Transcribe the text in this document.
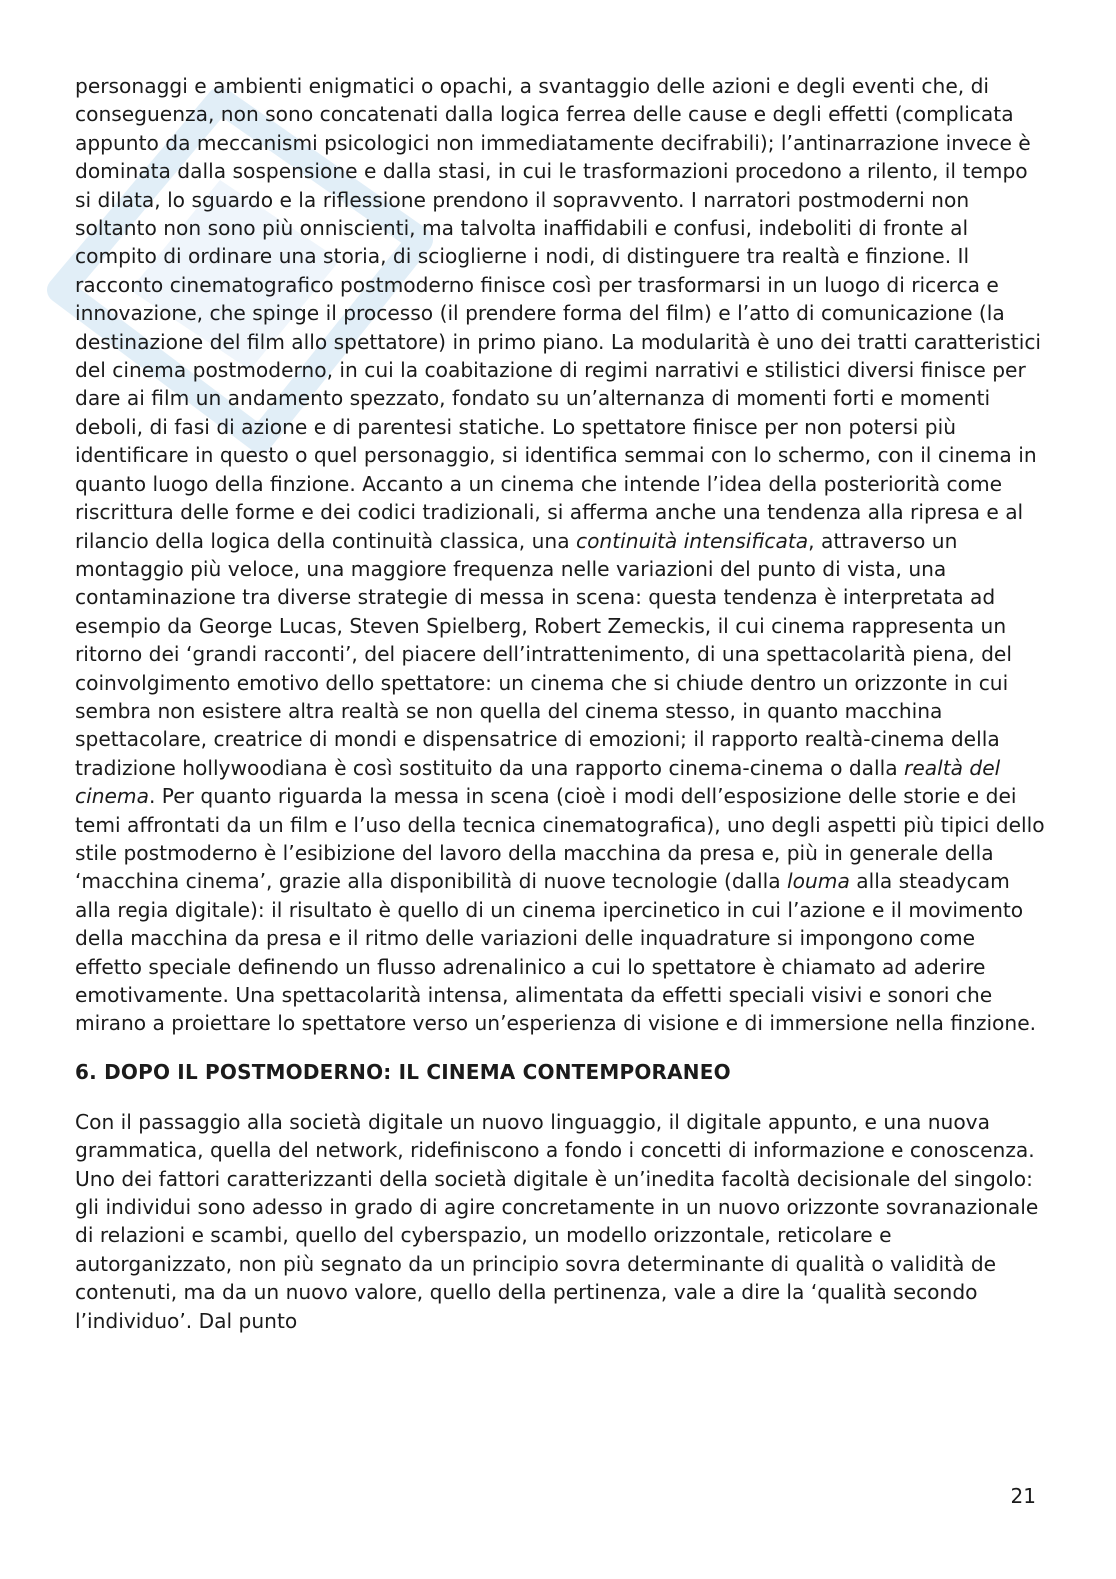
personaggi e ambienti enigmatici o opachi, a svantaggio delle azioni e degli eventi che, di conseguenza, non sono concatenati dalla logica ferrea delle cause e degli effetti (complicata appunto da meccanismi psicologici non immediatamente decifrabili); l’antinarrazione invece è dominata dalla sospensione e dalla stasi, in cui le trasformazioni procedono a rilento, il tempo si dilata, lo sguardo e la riflessione prendono il sopravvento. I narratori postmoderni non soltanto non sono più onniscienti, ma talvolta inaffidabili e confusi, indeboliti di fronte al compito di ordinare una storia, di scioglierne i nodi, di distinguere tra realtà e finzione. Il racconto cinematografico postmoderno finisce così per trasformarsi in un luogo di ricerca e innovazione, che spinge il processo (il prendere forma del film) e l’atto di comunicazione (la destinazione del film allo spettatore) in primo piano. La modularità è uno dei tratti caratteristici del cinema postmoderno, in cui la coabitazione di regimi narrativi e stilistici diversi finisce per dare ai film un andamento spezzato, fondato su un’alternanza di momenti forti e momenti deboli, di fasi di azione e di parentesi statiche. Lo spettatore finisce per non potersi più identificare in questo o quel personaggio, si identifica semmai con lo schermo, con il cinema in quanto luogo della finzione. Accanto a un cinema che intende l’idea della posteriorità come riscrittura delle forme e dei codici tradizionali, si afferma anche una tendenza alla ripresa e al rilancio della logica della continuità classica, una continuità intensificata, attraverso un montaggio più veloce, una maggiore frequenza nelle variazioni del punto di vista, una contaminazione tra diverse strategie di messa in scena: questa tendenza è interpretata ad esempio da George Lucas, Steven Spielberg, Robert Zemeckis, il cui cinema rappresenta un ritorno dei ‘grandi racconti’, del piacere dell’intrattenimento, di una spettacolarità piena, del coinvolgimento emotivo dello spettatore: un cinema che si chiude dentro un orizzonte in cui sembra non esistere altra realtà se non quella del cinema stesso, in quanto macchina spettacolare, creatrice di mondi e dispensatrice di emozioni; il rapporto realtà-cinema della tradizione hollywoodiana è così sostituito da una rapporto cinema-cinema o dalla realtà del cinema. Per quanto riguarda la messa in scena (cioè i modi dell’esposizione delle storie e dei temi affrontati da un film e l’uso della tecnica cinematografica), uno degli aspetti più tipici dello stile postmoderno è l’esibizione del lavoro della macchina da presa e, più in generale della ‘macchina cinema’, grazie alla disponibilità di nuove tecnologie (dalla louma alla steadycam alla regia digitale): il risultato è quello di un cinema ipercinetico in cui l’azione e il movimento della macchina da presa e il ritmo delle variazioni delle inquadrature si impongono come effetto speciale definendo un flusso adrenalinico a cui lo spettatore è chiamato ad aderire emotivamente. Una spettacolarità intensa, alimentata da effetti speciali visivi e sonori che mirano a proiettare lo spettatore verso un’esperienza di visione e di immersione nella finzione.

6. DOPO IL POSTMODERNO: IL CINEMA CONTEMPORANEO

Con il passaggio alla società digitale un nuovo linguaggio, il digitale appunto, e una nuova grammatica, quella del network, ridefiniscono a fondo i concetti di informazione e conoscenza. Uno dei fattori caratterizzanti della società digitale è un’inedita facoltà decisionale del singolo: gli individui sono adesso in grado di agire concretamente in un nuovo orizzonte sovranazionale di relazioni e scambi, quello del cyberspazio, un modello orizzontale, reticolare e autorganizzato, non più segnato da un principio sovra determinante di qualità o validità de contenuti, ma da un nuovo valore, quello della pertinenza, vale a dire la ‘qualità secondo l’individuo’. Dal punto

21
